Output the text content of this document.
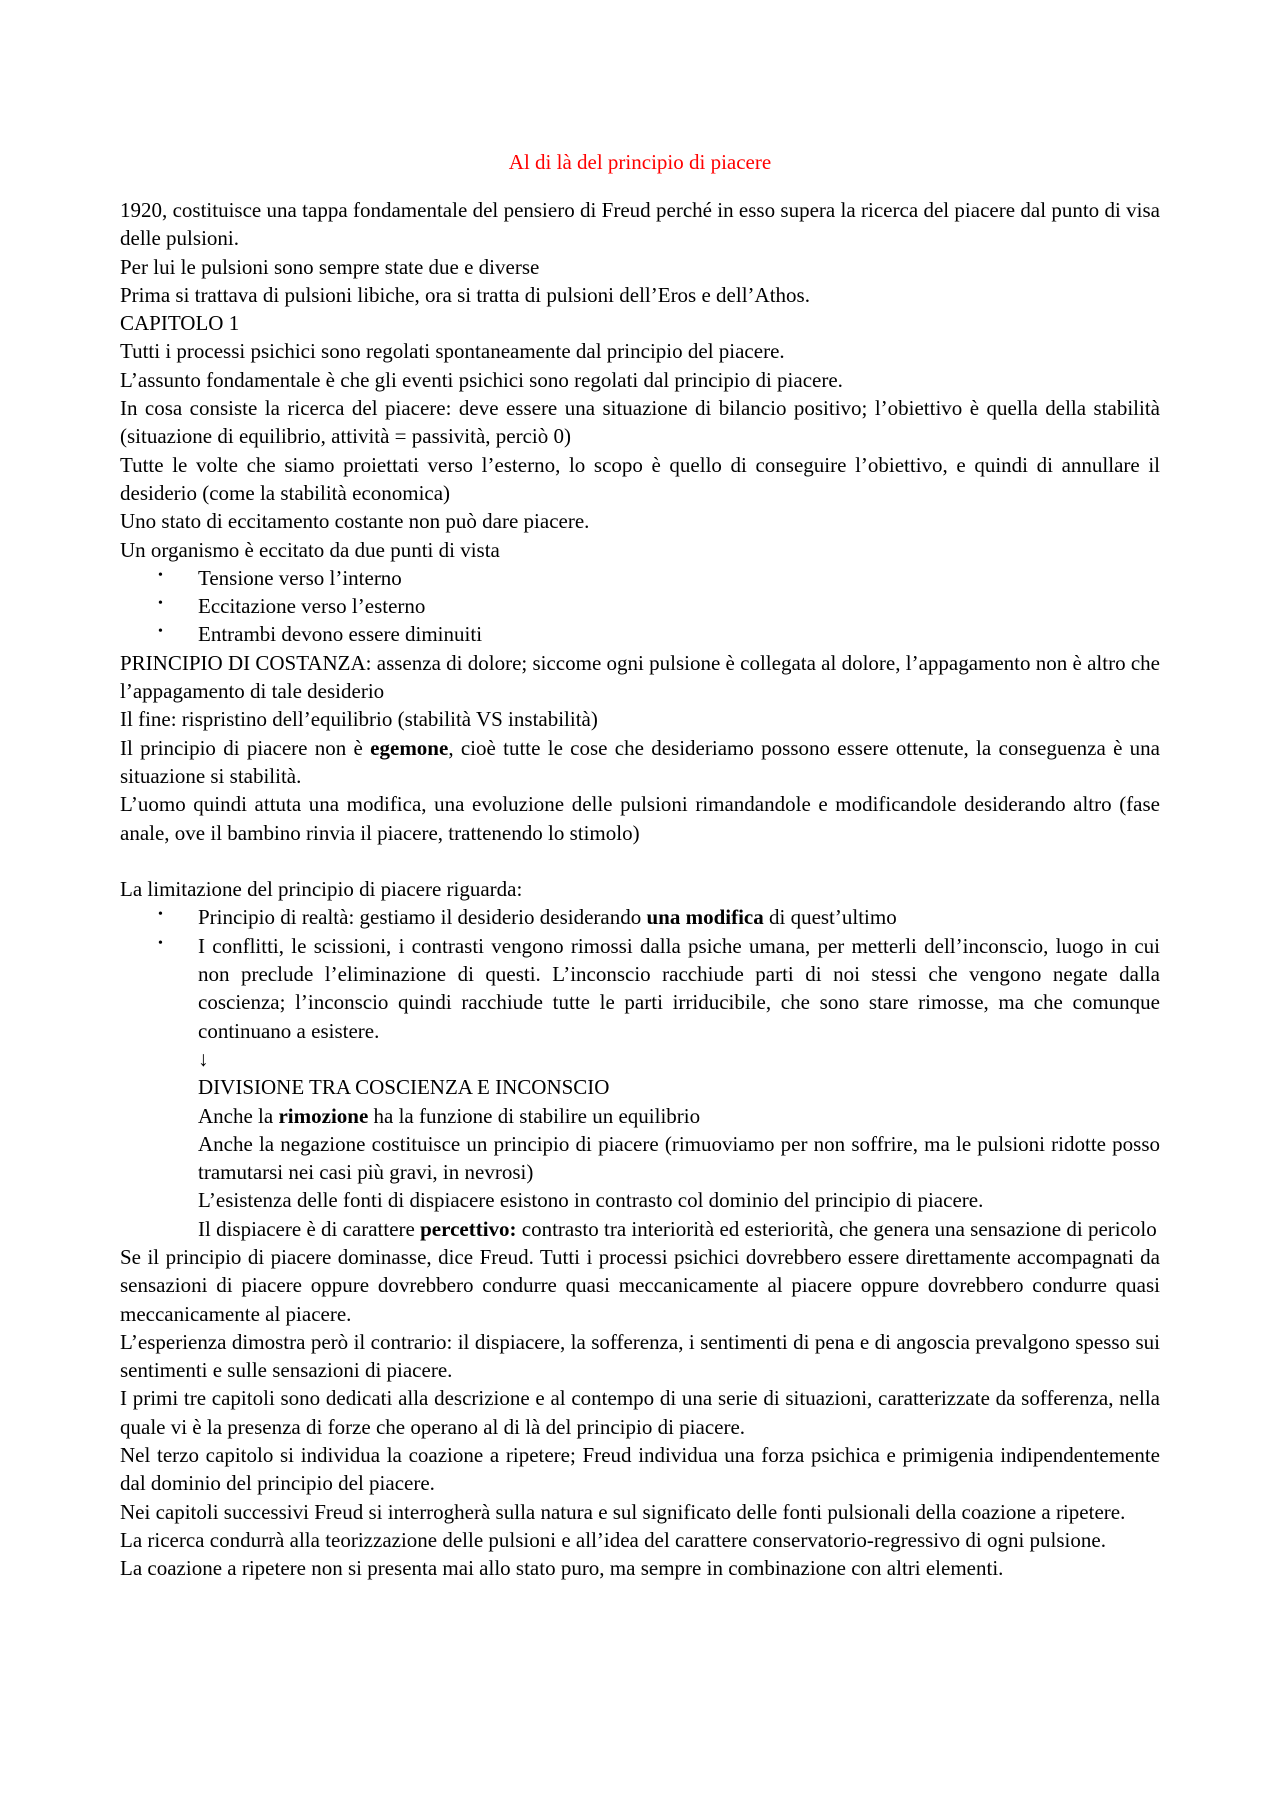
Al di là del principio di piacere

1920, costituisce una tappa fondamentale del pensiero di Freud perché in esso supera la ricerca del piacere dal punto di visa delle pulsioni.

Per lui le pulsioni sono sempre state due e diverse

Prima si trattava di pulsioni libiche, ora si tratta di pulsioni dell’Eros e dell’Athos.

CAPITOLO 1

Tutti i processi psichici sono regolati spontaneamente dal principio del piacere.

L’assunto fondamentale è che gli eventi psichici sono regolati dal principio di piacere.

In cosa consiste la ricerca del piacere: deve essere una situazione di bilancio positivo; l’obiettivo è quella della stabilità (situazione di equilibrio, attività = passività, perciò 0)

Tutte le volte che siamo proiettati verso l’esterno, lo scopo è quello di conseguire l’obiettivo, e quindi di annullare il desiderio (come la stabilità economica)

Uno stato di eccitamento costante non può dare piacere.

Un organismo è eccitato da due punti di vista

• Tensione verso l’interno
• Eccitazione verso l’esterno
• Entrambi devono essere diminuiti

PRINCIPIO DI COSTANZA: assenza di dolore; siccome ogni pulsione è collegata al dolore, l’appagamento non è altro che l’appagamento di tale desiderio

Il fine: rispristino dell’equilibrio (stabilità VS instabilità)

Il principio di piacere non è egemone, cioè tutte le cose che desideriamo possono essere ottenute, la conseguenza è una situazione si stabilità.

L’uomo quindi attuta una modifica, una evoluzione delle pulsioni rimandandole e modificandole desiderando altro (fase anale, ove il bambino rinvia il piacere, trattenendo lo stimolo)

La limitazione del principio di piacere riguarda:

• Principio di realtà: gestiamo il desiderio desiderando una modifica di quest’ultimo
• I conflitti, le scissioni, i contrasti vengono rimossi dalla psiche umana, per metterli dell’inconscio, luogo in cui non preclude l’eliminazione di questi. L’inconscio racchiude parti di noi stessi che vengono negate dalla coscienza; l’inconscio quindi racchiude tutte le parti irriducibile, che sono stare rimosse, ma che comunque continuano a esistere.

↓

DIVISIONE TRA COSCIENZA E INCONSCIO

Anche la rimozione ha la funzione di stabilire un equilibrio

Anche la negazione costituisce un principio di piacere (rimuoviamo per non soffrire, ma le pulsioni ridotte posso tramutarsi nei casi più gravi, in nevrosi)

L’esistenza delle fonti di dispiacere esistono in contrasto col dominio del principio di piacere.

Il dispiacere è di carattere percettivo: contrasto tra interiorità ed esteriorità, che genera una sensazione di pericolo

Se il principio di piacere dominasse, dice Freud. Tutti i processi psichici dovrebbero essere direttamente accompagnati da sensazioni di piacere oppure dovrebbero condurre quasi meccanicamente al piacere oppure dovrebbero condurre quasi meccanicamente al piacere.

L’esperienza dimostra però il contrario: il dispiacere, la sofferenza, i sentimenti di pena e di angoscia prevalgono spesso sui sentimenti e sulle sensazioni di piacere.

I primi tre capitoli sono dedicati alla descrizione e al contempo di una serie di situazioni, caratterizzate da sofferenza, nella quale vi è la presenza di forze che operano al di là del principio di piacere.

Nel terzo capitolo si individua la coazione a ripetere; Freud individua una forza psichica e primigenia indipendentemente dal dominio del principio del piacere.

Nei capitoli successivi Freud si interrogherà sulla natura e sul significato delle fonti pulsionali della coazione a ripetere.

La ricerca condurrà alla teorizzazione delle pulsioni e all’idea del carattere conservatorio-regressivo di ogni pulsione.

La coazione a ripetere non si presenta mai allo stato puro, ma sempre in combinazione con altri elementi.
